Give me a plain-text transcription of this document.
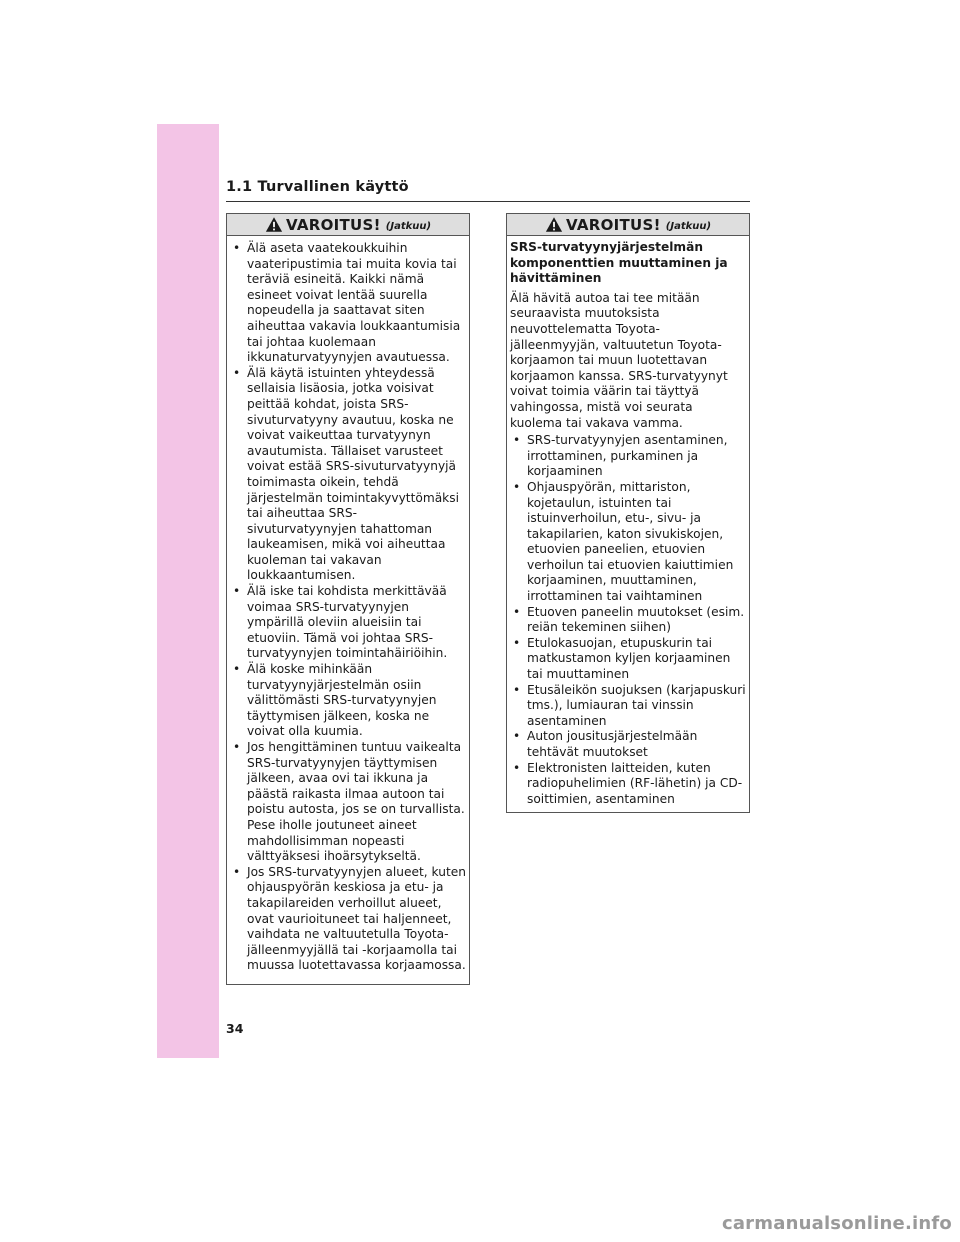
1.1 Turvallinen käyttö
VAROITUS! (Jatkuu)
• Älä aseta vaatekoukkuihin vaateripustimia tai muita kovia tai teräviä esineitä. Kaikki nämä esineet voivat lentää suurella nopeudella ja saattavat siten aiheuttaa vakavia loukkaantumisia tai johtaa kuolemaan ikkunaturvatyynyjen avautuessa.
• Älä käytä istuinten yhteydessä sellaisia lisäosia, jotka voisivat peittää kohdat, joista SRS-sivuturvatyyny avautuu, koska ne voivat vaikeuttaa turvatyynyn avautumista. Tällaiset varusteet voivat estää SRS-sivuturvatyynyjä toimimasta oikein, tehdä järjestelmän toimintakyvyttömäksi tai aiheuttaa SRS-sivuturvatyynyjen tahattoman laukeamisen, mikä voi aiheuttaa kuoleman tai vakavan loukkaantumisen.
• Älä iske tai kohdista merkittävää voimaa SRS-turvatyynyjen ympärillä oleviin alueisiin tai etuoviin. Tämä voi johtaa SRS-turvatyynyjen toimintahäiriöihin.
• Älä koske mihinkään turvatyynyjärjestelmän osiin välittömästi SRS-turvatyynyjen täyttymisen jälkeen, koska ne voivat olla kuumia.
• Jos hengittäminen tuntuu vaikealta SRS-turvatyynyjen täyttymisen jälkeen, avaa ovi tai ikkuna ja päästä raikasta ilmaa autoon tai poistu autosta, jos se on turvallista. Pese iholle joutuneet aineet mahdollisimman nopeasti välttyäksesi ihoärsytykseltä.
• Jos SRS-turvatyynyjen alueet, kuten ohjauspyörän keskiosa ja etu- ja takapilareiden verhoillut alueet, ovat vaurioituneet tai haljenneet, vaihdata ne valtuutetulla Toyota-jälleenmyyjällä tai -korjaamolla tai muussa luotettavassa korjaamossa.
VAROITUS! (Jatkuu)

SRS-turvatyynyjärjestelmän komponenttien muuttaminen ja hävittäminen

Älä hävitä autoa tai tee mitään seuraavista muutoksista neuvottelematta Toyota-jälleenmyyjän, valtuutetun Toyota-korjaamon tai muun luotettavan korjaamon kanssa. SRS-turvatyynyt voivat toimia väärin tai täyttyä vahingossa, mistä voi seurata kuolema tai vakava vamma.

• SRS-turvatyynyjen asentaminen, irrottaminen, purkaminen ja korjaaminen
• Ohjauspyörän, mittariston, kojetaulun, istuinten tai istuinverhoilun, etu-, sivu- ja takapilarien, katon sivukiskojen, etuovien paneelien, etuovien verhoilun tai etuovien kaiuttimien korjaaminen, muuttaminen, irrottaminen tai vaihtaminen
• Etuoven paneelin muutokset (esim. reiän tekeminen siihen)
• Etulokasuojan, etupuskurin tai matkustamon kyljen korjaaminen tai muuttaminen
• Etusäleikön suojuksen (karjapuskuri tms.), lumiauran tai vinssin asentaminen
• Auton jousitusjärjestelmään tehtävät muutokset
• Elektronisten laitteiden, kuten radiopuhelimien (RF-lähetin) ja CD-soittimien, asentaminen
34
carmanualsonline.info
